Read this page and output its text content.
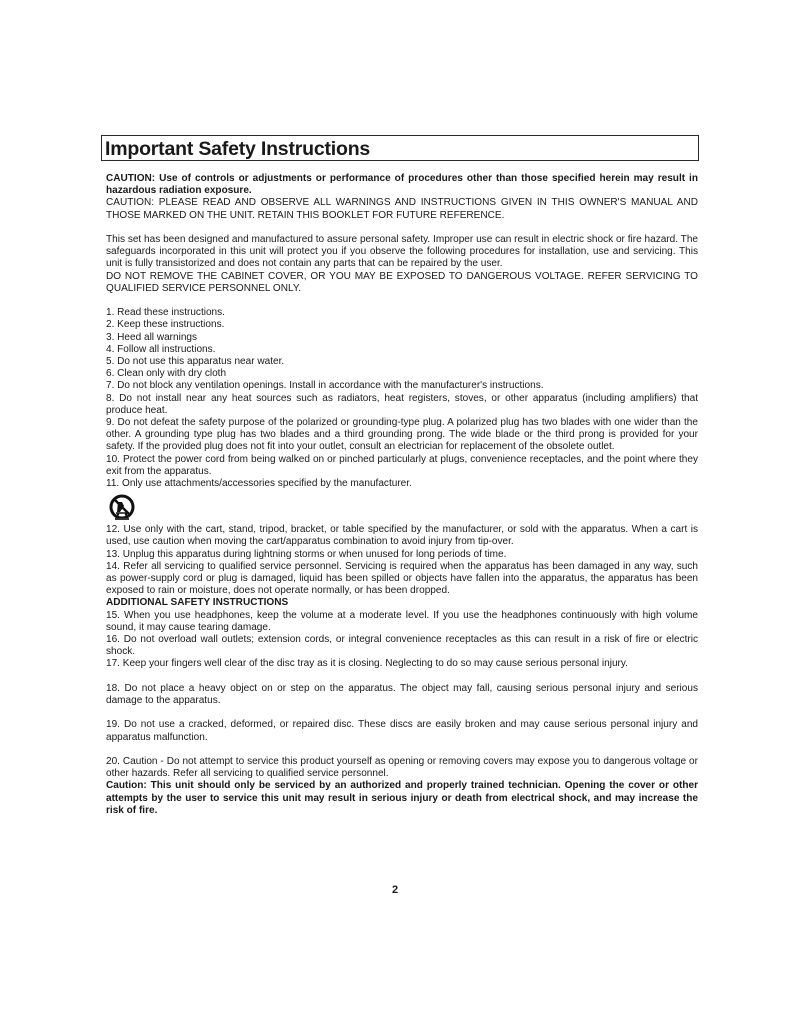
Important Safety Instructions

CAUTION: Use of controls or adjustments or performance of procedures other than those specified herein may result in hazardous radiation exposure.

CAUTION: PLEASE READ AND OBSERVE ALL WARNINGS AND INSTRUCTIONS GIVEN IN THIS OWNER'S MANUAL AND THOSE MARKED ON THE UNIT. RETAIN THIS BOOKLET FOR FUTURE REFERENCE.

This set has been designed and manufactured to assure personal safety. Improper use can result in electric shock or fire hazard. The safeguards incorporated in this unit will protect you if you observe the following procedures for installation, use and servicing. This unit is fully transistorized and does not contain any parts that can be repaired by the user.

DO NOT REMOVE THE CABINET COVER, OR YOU MAY BE EXPOSED TO DANGEROUS VOLTAGE. REFER SERVICING TO QUALIFIED SERVICE PERSONNEL ONLY.

1. Read these instructions.

2. Keep these instructions.

3. Heed all warnings

4. Follow all instructions.

5. Do not use this apparatus near water.

6. Clean only with dry cloth

7. Do not block any ventilation openings. Install in accordance with the manufacturer's instructions.

8. Do not install near any heat sources such as radiators, heat registers, stoves, or other apparatus (including amplifiers) that produce heat.

9. Do not defeat the safety purpose of the polarized or grounding-type plug. A polarized plug has two blades with one wider than the other. A grounding type plug has two blades and a third grounding prong. The wide blade or the third prong is provided for your safety. If the provided plug does not fit into your outlet, consult an electrician for replacement of the obsolete outlet.

10. Protect the power cord from being walked on or pinched particularly at plugs, convenience receptacles, and the point where they exit from the apparatus.

11. Only use attachments/accessories specified by the manufacturer.

12. Use only with the cart, stand, tripod, bracket, or table specified by the manufacturer, or sold with the apparatus. When a cart is used, use caution when moving the cart/apparatus combination to avoid injury from tip-over.

13. Unplug this apparatus during lightning storms or when unused for long periods of time.

14. Refer all servicing to qualified service personnel. Servicing is required when the apparatus has been damaged in any way, such as power-supply cord or plug is damaged, liquid has been spilled or objects have fallen into the apparatus, the apparatus has been exposed to rain or moisture, does not operate normally, or has been dropped.

ADDITIONAL SAFETY INSTRUCTIONS

15. When you use headphones, keep the volume at a moderate level. If you use the headphones continuously with high volume sound, it may cause tearing damage.

16. Do not overload wall outlets; extension cords, or integral convenience receptacles as this can result in a risk of fire or electric shock.

17. Keep your fingers well clear of the disc tray as it is closing. Neglecting to do so may cause serious personal injury.

18. Do not place a heavy object on or step on the apparatus. The object may fall, causing serious personal injury and serious damage to the apparatus.

19. Do not use a cracked, deformed, or repaired disc. These discs are easily broken and may cause serious personal injury and apparatus malfunction.

20. Caution - Do not attempt to service this product yourself as opening or removing covers may expose you to dangerous voltage or other hazards. Refer all servicing to qualified service personnel.

Caution: This unit should only be serviced by an authorized and properly trained technician. Opening the cover or other attempts by the user to service this unit may result in serious injury or death from electrical shock, and may increase the risk of fire.

2
